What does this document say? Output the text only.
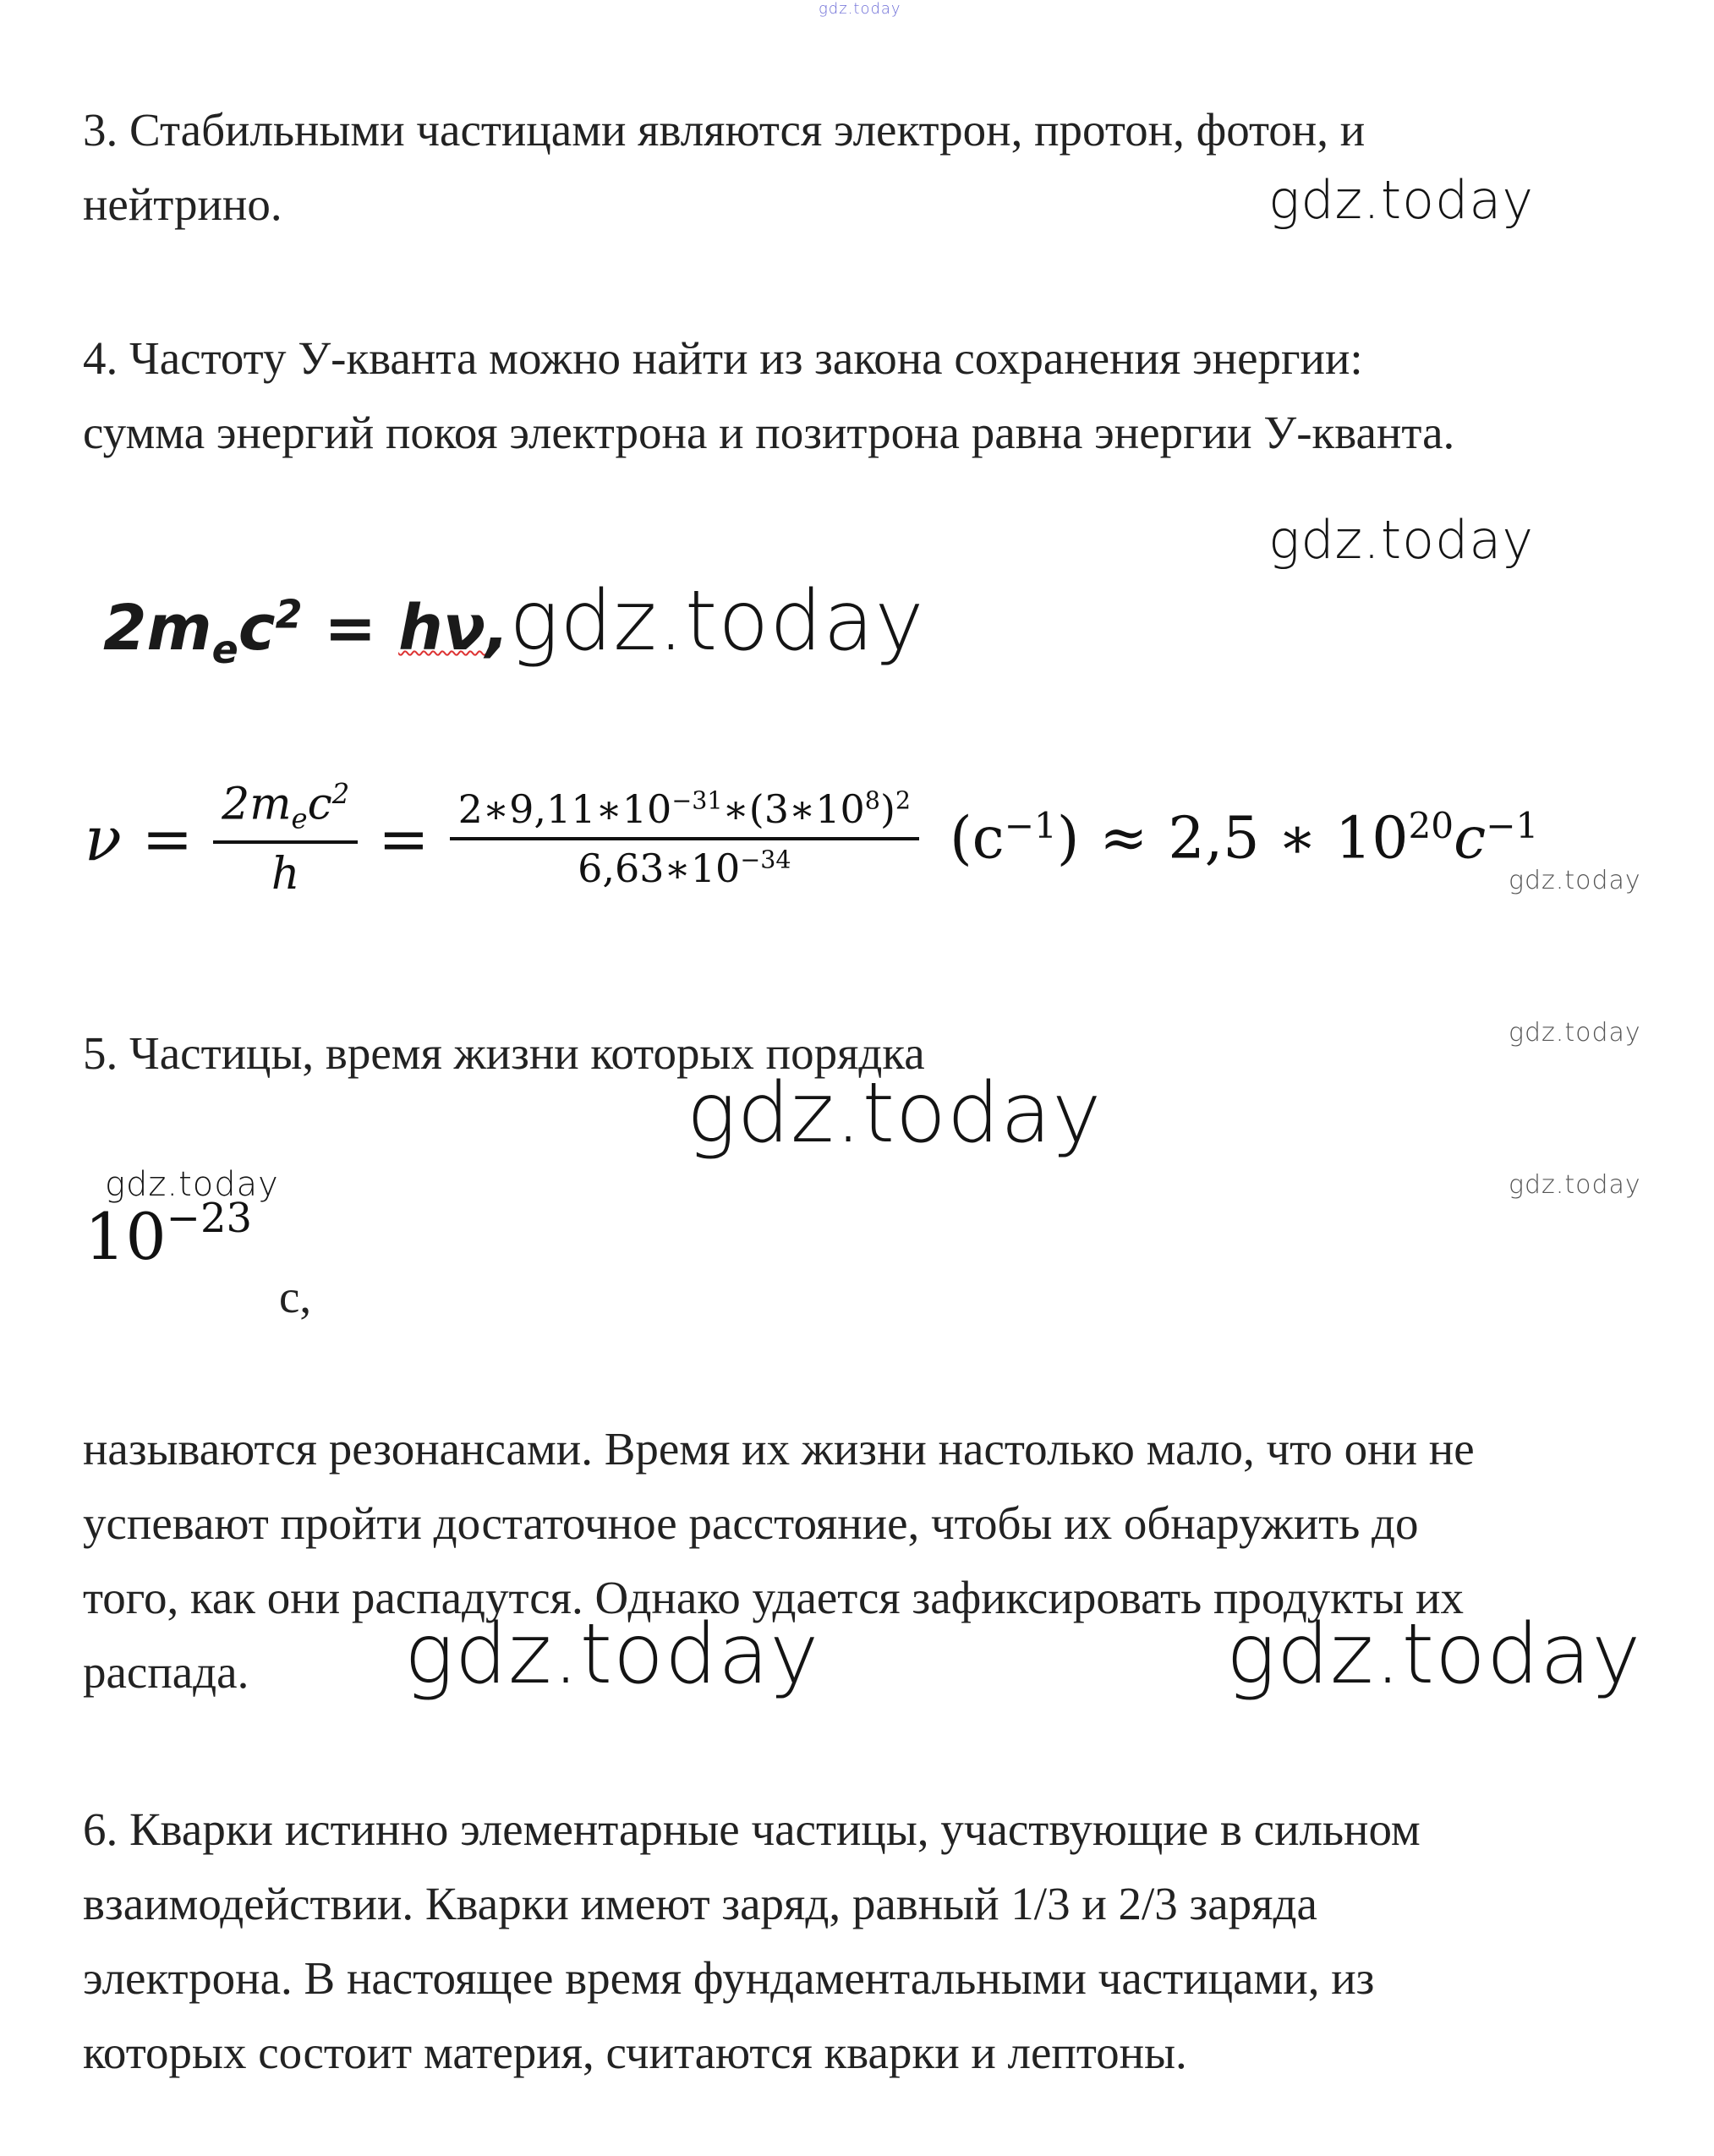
gdz.today
3. Стабильными частицами являются электрон, протон, фотон, и
нейтрино.	gdz.today
4. Частоту У-кванта можно найти из закона сохранения энергии:
сумма энергий покоя электрона и позитрона равна энергии У-кванта.
gdz.today
$2m_ec^2$ = hν,gdz.today
$\nu = \frac{2m_ec^2}{h} = \frac{2∗9,11∗10^{-31}∗(3∗10^8)^2}{6,63∗10^{-34}} (c^{-1}) \approx 2,5$ ∗ $10^{20}c^{-1}$
gdz.today
gdz.today
5. Частицы, время жизни которых порядка
gdz.today
gdz.today
gdz.today
$10^{-23}$
с,
называются резонансами. Время их жизни настолько мало, что они не
успевают пройти достаточное расстояние, чтобы их обнаружить до
того, как они распадутся. Однако удается зафиксировать продукты их
распада. gdz.today	gdz.today
6. Кварки истинно элементарные частицы, участвующие в сильном
взаимодействии. Кварки имеют заряд, равный 1/3 и 2/3 заряда
электрона. В настоящее время фундаментальными частицами, из
которых состоит материя, считаются кварки и лептоны.
